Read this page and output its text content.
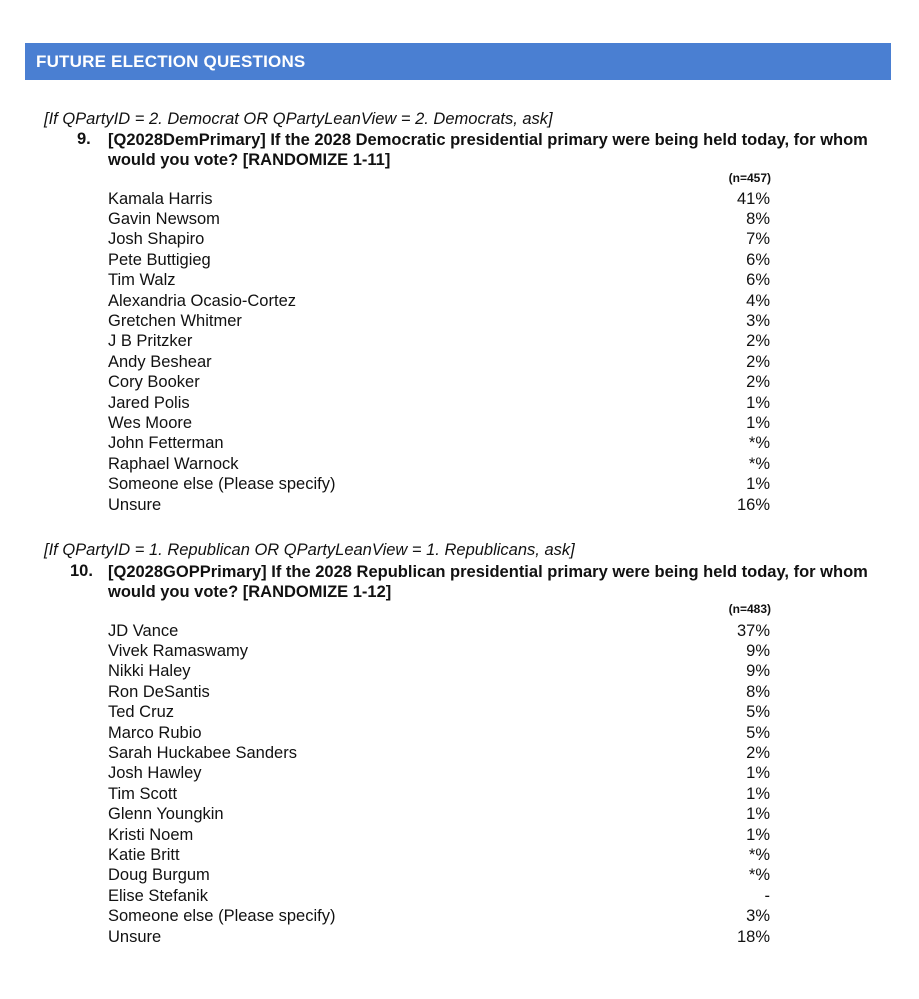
FUTURE ELECTION QUESTIONS
[If QPartyID = 2. Democrat OR QPartyLeanView = 2. Democrats, ask]
9. [Q2028DemPrimary] If the 2028 Democratic presidential primary were being held today, for whom would you vote? [RANDOMIZE 1-11]
(n=457)
Kamala Harris	41%
Gavin Newsom	8%
Josh Shapiro	7%
Pete Buttigieg	6%
Tim Walz	6%
Alexandria Ocasio-Cortez	4%
Gretchen Whitmer	3%
J B Pritzker	2%
Andy Beshear	2%
Cory Booker	2%
Jared Polis	1%
Wes Moore	1%
John Fetterman	*%
Raphael Warnock	*%
Someone else (Please specify)	1%
Unsure	16%
[If QPartyID = 1. Republican OR QPartyLeanView = 1. Republicans, ask]
10. [Q2028GOPPrimary] If the 2028 Republican presidential primary were being held today, for whom would you vote? [RANDOMIZE 1-12]
(n=483)
JD Vance	37%
Vivek Ramaswamy	9%
Nikki Haley	9%
Ron DeSantis	8%
Ted Cruz	5%
Marco Rubio	5%
Sarah Huckabee Sanders	2%
Josh Hawley	1%
Tim Scott	1%
Glenn Youngkin	1%
Kristi Noem	1%
Katie Britt	*%
Doug Burgum	*%
Elise Stefanik	-
Someone else (Please specify)	3%
Unsure	18%
